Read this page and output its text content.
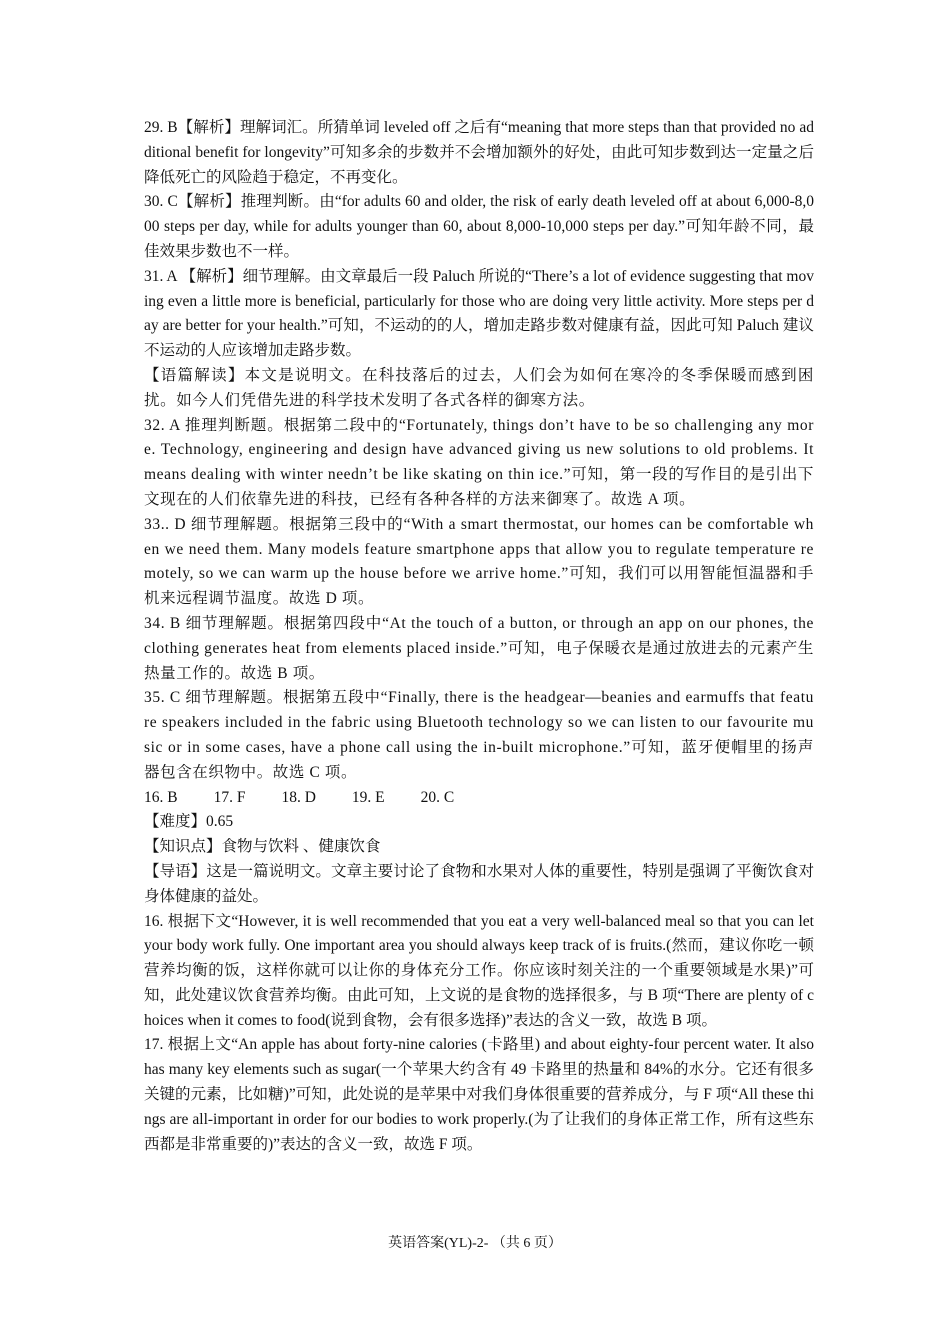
29. B【解析】理解词汇。所猜单词 leveled off 之后有“meaning that more steps than that provided no additional benefit for longevity”可知多余的步数并不会增加额外的好处，由此可知步数到达一定量之后降低死亡的风险趋于稳定，不再变化。

30. C【解析】推理判断。由“for adults 60 and older, the risk of early death leveled off at about 6,000-8,000 steps per day, while for adults younger than 60, about 8,000-10,000 steps per day.”可知年龄不同，最佳效果步数也不一样。

31. A 【解析】细节理解。由文章最后一段 Paluch 所说的“There’s a lot of evidence suggesting that moving even a little more is beneficial, particularly for those who are doing very little activity. More steps per day are better for your health.”可知，不运动的的人，增加走路步数对健康有益，因此可知 Paluch 建议不运动的人应该增加走路步数。

【语篇解读】本文是说明文。在科技落后的过去，人们会为如何在寒冷的冬季保暖而感到困扰。如今人们凭借先进的科学技术发明了各式各样的御寒方法。

32. A 推理判断题。根据第二段中的“Fortunately, things don’t have to be so challenging any more. Technology, engineering and design have advanced giving us new solutions to old problems. It means dealing with winter needn’t be like skating on thin ice.”可知，第一段的写作目的是引出下文现在的人们依靠先进的科技，已经有各种各样的方法来御寒了。故选 A 项。

33.. D 细节理解题。根据第三段中的“With a smart thermostat, our homes can be comfortable when we need them. Many models feature smartphone apps that allow you to regulate temperature remotely, so we can warm up the house before we arrive home.”可知，我们可以用智能恒温器和手机来远程调节温度。故选 D 项。

34. B 细节理解题。根据第四段中“At the touch of a button, or through an app on our phones, the clothing generates heat from elements placed inside.”可知，电子保暖衣是通过放进去的元素产生热量工作的。故选 B 项。

35. C 细节理解题。根据第五段中“Finally, there is the headgear—beanies and earmuffs that feature speakers included in the fabric using Bluetooth technology so we can listen to our favourite music or in some cases, have a phone call using the in-built microphone.”可知，蓝牙便帽里的扬声器包含在织物中。故选 C 项。

16. B 17. F 18. D 19. E 20. C

【难度】0.65

【知识点】食物与饮料 、健康饮食

【导语】这是一篇说明文。文章主要讨论了食物和水果对人体的重要性，特别是强调了平衡饮食对身体健康的益处。

16. 根据下文“However, it is well recommended that you eat a very well-balanced meal so that you can let your body work fully. One important area you should always keep track of is fruits.(然而，建议你吃一顿营养均衡的饭，这样你就可以让你的身体充分工作。你应该时刻关注的一个重要领域是水果)”可知，此处建议饮食营养均衡。由此可知，上文说的是食物的选择很多，与 B 项“There are plenty of choices when it comes to food(说到食物，会有很多选择)”表达的含义一致，故选 B 项。

17. 根据上文“An apple has about forty-nine calories (卡路里) and about eighty-four percent water. It also has many key elements such as sugar(一个苹果大约含有 49 卡路里的热量和 84%的水分。它还有很多关键的元素，比如糖)”可知，此处说的是苹果中对我们身体很重要的营养成分，与 F 项“All these things are all-important in order for our bodies to work properly.(为了让我们的身体正常工作，所有这些东西都是非常重要的)”表达的含义一致，故选 F 项。

英语答案(YL)-2- （共 6 页）
